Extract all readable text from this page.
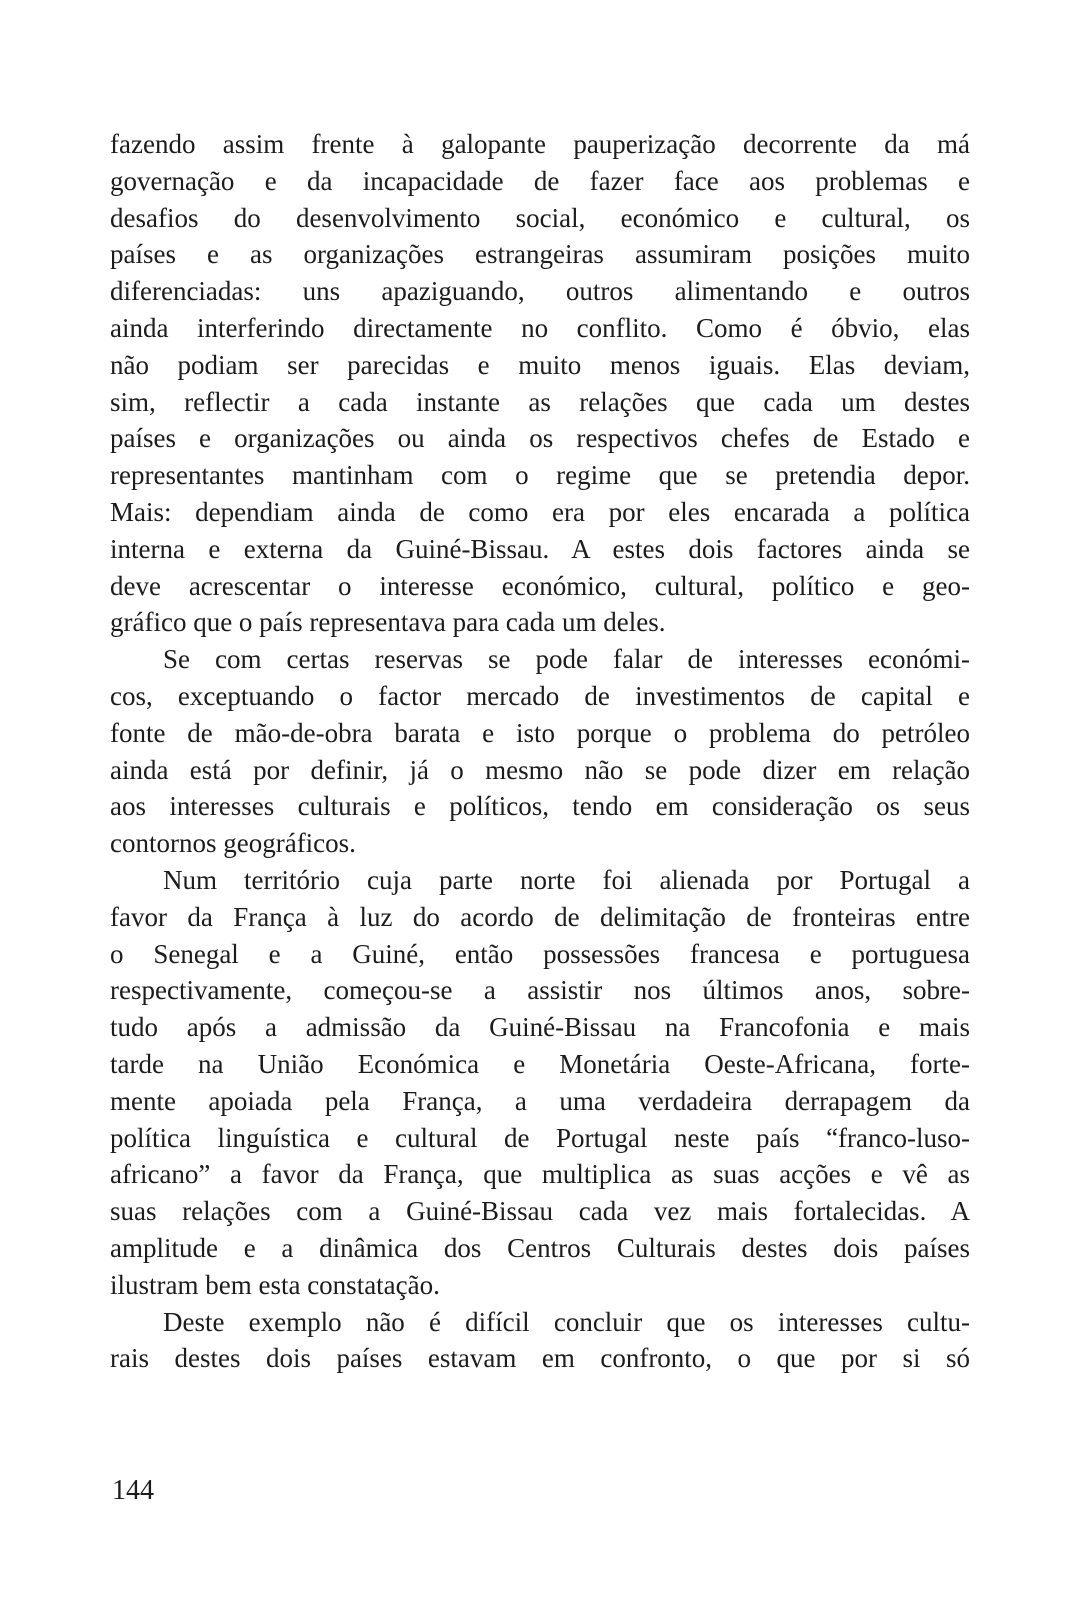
fazendo assim frente à galopante pauperização decorrente da má
governação e da incapacidade de fazer face aos problemas e
desafios do desenvolvimento social, económico e cultural, os
países e as organizações estrangeiras assumiram posições muito
diferenciadas: uns apaziguando, outros alimentando e outros
ainda interferindo directamente no conflito. Como é óbvio, elas
não podiam ser parecidas e muito menos iguais. Elas deviam,
sim, reflectir a cada instante as relações que cada um destes
países e organizações ou ainda os respectivos chefes de Estado e
representantes mantinham com o regime que se pretendia depor.
Mais: dependiam ainda de como era por eles encarada a política
interna e externa da Guiné-Bissau. A estes dois factores ainda se
deve acrescentar o interesse económico, cultural, político e geo-
gráfico que o país representava para cada um deles.
Se com certas reservas se pode falar de interesses económi-
cos, exceptuando o factor mercado de investimentos de capital e
fonte de mão-de-obra barata e isto porque o problema do petróleo
ainda está por definir, já o mesmo não se pode dizer em relação
aos interesses culturais e políticos, tendo em consideração os seus
contornos geográficos.
Num território cuja parte norte foi alienada por Portugal a
favor da França à luz do acordo de delimitação de fronteiras entre
o Senegal e a Guiné, então possessões francesa e portuguesa
respectivamente, começou-se a assistir nos últimos anos, sobre-
tudo após a admissão da Guiné-Bissau na Francofonia e mais
tarde na União Económica e Monetária Oeste-Africana, forte-
mente apoiada pela França, a uma verdadeira derrapagem da
política linguística e cultural de Portugal neste país “franco-luso-
africano” a favor da França, que multiplica as suas acções e vê as
suas relações com a Guiné-Bissau cada vez mais fortalecidas. A
amplitude e a dinâmica dos Centros Culturais destes dois países
ilustram bem esta constatação.
Deste exemplo não é difícil concluir que os interesses cultu-
rais destes dois países estavam em confronto, o que por si só
144
